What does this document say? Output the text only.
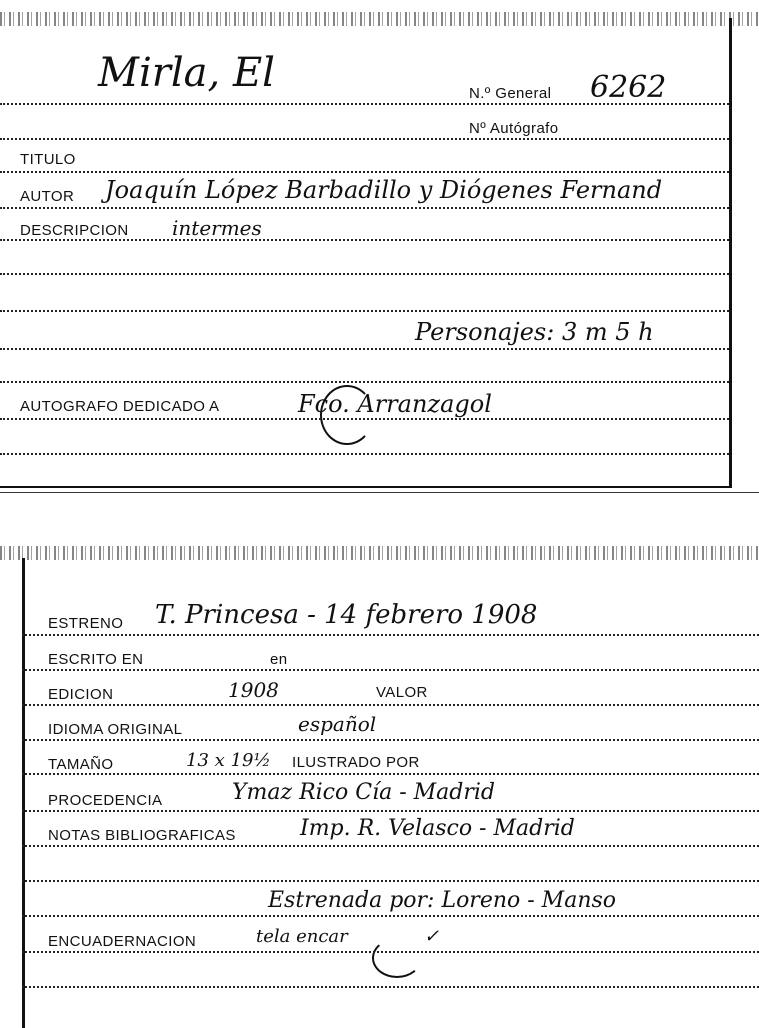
Mirla, El	N.º General 6262
Nº Autógrafo
TITULO
AUTOR Joaquín López Barbadillo y Diógenes Fernand
DESCRIPCION intermes
Personajes: 3 m 5 h
AUTOGRAFO DEDICADO A	Fco. Arranzagol
ESTRENO T. Princesa - 14 febrero 1908
ESCRITO EN	en
EDICION	1908	VALOR
IDIOMA ORIGINAL	español
TAMAÑO	13 x 19½ ILUSTRADO POR
PROCEDENCIA	Ymaz Rico Cía - Madrid
NOTAS BIBLIOGRAFICAS	Imp. R. Velasco - Madrid
Estrenada por: Loreno - Manso
ENCUADERNACION	tela encar	✓
